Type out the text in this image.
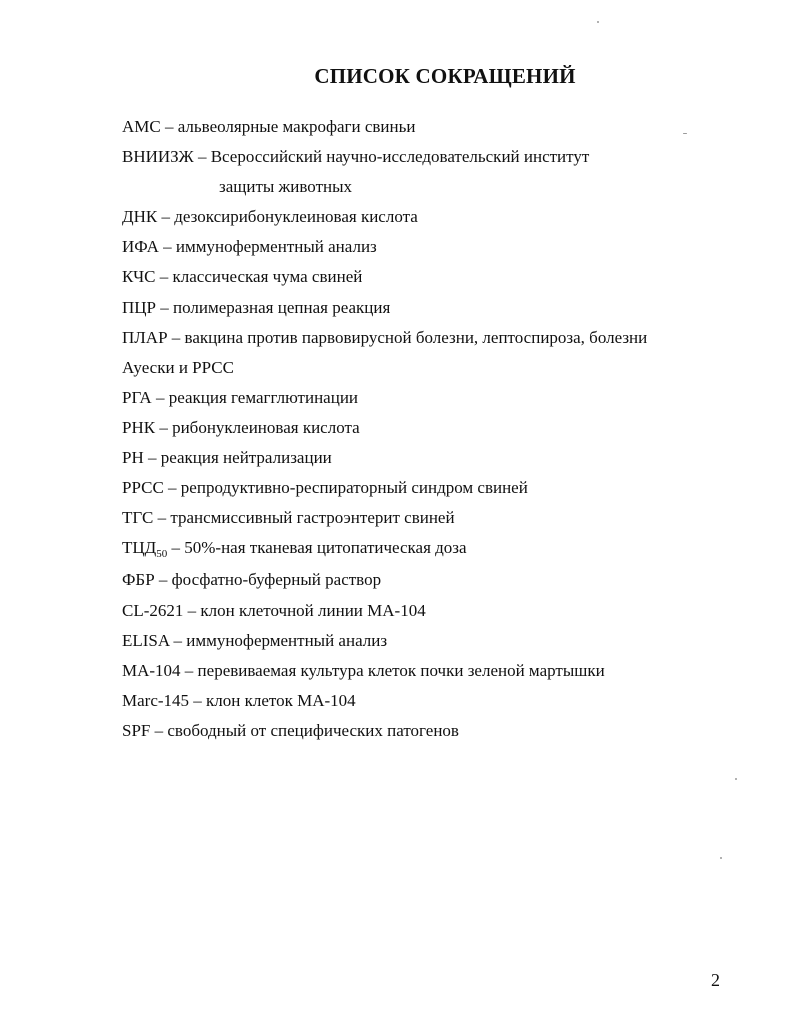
СПИСОК СОКРАЩЕНИЙ
АМС – альвеолярные макрофаги свиньи
ВНИИЗЖ – Всероссийский научно-исследовательский институт
защиты животных
ДНК – дезоксирибонуклеиновая кислота
ИФА – иммуноферментный анализ
КЧС – классическая чума свиней
ПЦР – полимеразная цепная реакция
ПЛАР – вакцина против парвовирусной болезни, лептоспироза, болезни
Ауески и РРСС
РГА – реакция гемагглютинации
РНК – рибонуклеиновая кислота
РН – реакция нейтрализации
РРСС – репродуктивно-респираторный синдром свиней
ТГС – трансмиссивный гастроэнтерит свиней
$ТЦД_{50} - 50\%-ная$ тканевая цитопатическая доза
ФБР – фосфатно-буферный раствор
CL-2621 – клон клеточной линии МА-104
ELISA – иммуноферментный анализ
МА-104 – перевиваемая культура клеток почки зеленой мартышки
Marc-145 – клон клеток МА-104
SPF – свободный от специфических патогенов
2
